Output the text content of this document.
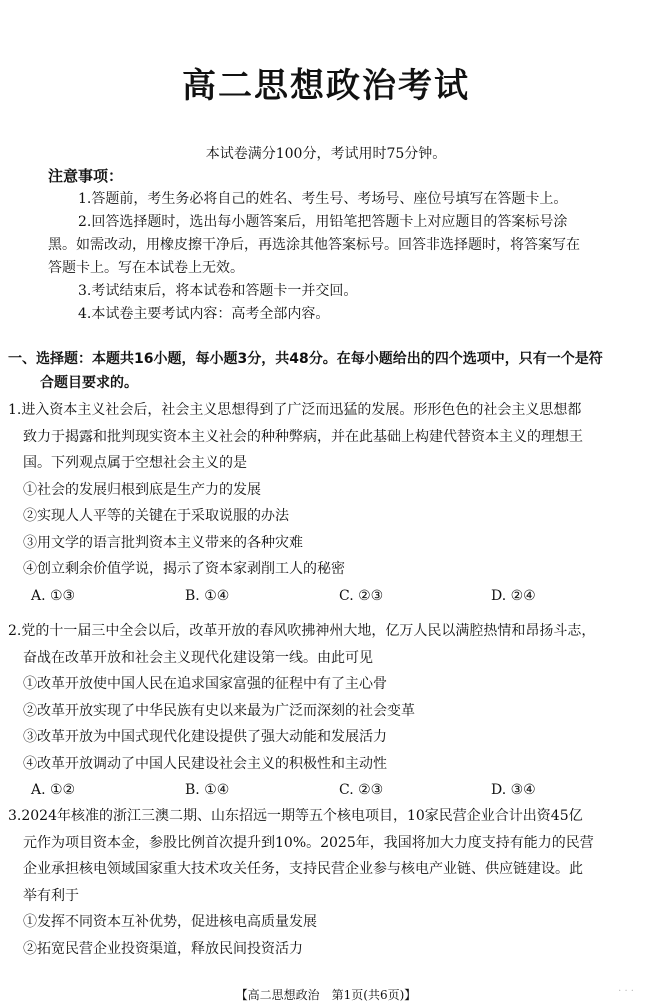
高二思想政治考试
本试卷满分100分，考试用时75分钟。
注意事项：
1.答题前，考生务必将自己的姓名、考生号、考场号、座位号填写在答题卡上。
2.回答选择题时，选出每小题答案后，用铅笔把答题卡上对应题目的答案标号涂
黑。如需改动，用橡皮擦干净后，再选涂其他答案标号。回答非选择题时，将答案写在
答题卡上。写在本试卷上无效。
3.考试结束后，将本试卷和答题卡一并交回。
4.本试卷主要考试内容：高考全部内容。
一、选择题：本题共16小题，每小题3分，共48分。在每小题给出的四个选项中，只有一个是符
合题目要求的。
1.进入资本主义社会后，社会主义思想得到了广泛而迅猛的发展。形形色色的社会主义思想都
致力于揭露和批判现实资本主义社会的种种弊病，并在此基础上构建代替资本主义的理想王
国。下列观点属于空想社会主义的是
①社会的发展归根到底是生产力的发展
②实现人人平等的关键在于采取说服的办法
③用文学的语言批判资本主义带来的各种灾难
④创立剩余价值学说，揭示了资本家剥削工人的秘密
A. ①③	B. ①④	C. ②③	D. ②④
2.党的十一届三中全会以后，改革开放的春风吹拂神州大地，亿万人民以满腔热情和昂扬斗志，
奋战在改革开放和社会主义现代化建设第一线。由此可见
①改革开放使中国人民在追求国家富强的征程中有了主心骨
②改革开放实现了中华民族有史以来最为广泛而深刻的社会变革
③改革开放为中国式现代化建设提供了强大动能和发展活力
④改革开放调动了中国人民建设社会主义的积极性和主动性
A. ①②	B. ①④	C. ②③	D. ③④
3.2024年核准的浙江三澳二期、山东招远一期等五个核电项目，10家民营企业合计出资45亿
元作为项目资本金，参股比例首次提升到10%。2025年，我国将加大力度支持有能力的民营
企业承担核电领域国家重大技术攻关任务，支持民营企业参与核电产业链、供应链建设。此
举有利于
①发挥不同资本互补优势，促进核电高质量发展
②拓宽民营企业投资渠道，释放民间投资活力
【高二思想政治　第1页(共6页)】	· · ·
